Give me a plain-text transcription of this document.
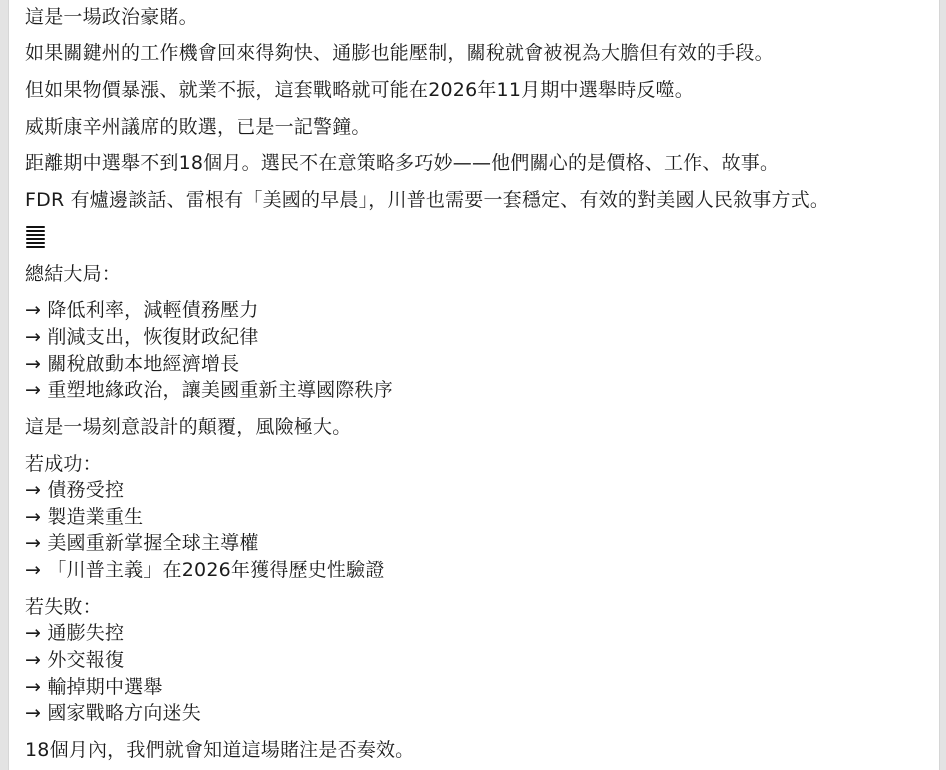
這是一場政治豪賭。
如果關鍵州的工作機會回來得夠快、通膨也能壓制，關稅就會被視為大膽但有效的手段。
但如果物價暴漲、就業不振，這套戰略就可能在2026年11月期中選舉時反噬。
威斯康辛州議席的敗選，已是一記警鐘。
距離期中選舉不到18個月。選民不在意策略多巧妙——他們關心的是價格、工作、故事。
FDR 有爐邊談話、雷根有「美國的早晨」，川普也需要一套穩定、有效的對美國人民敘事方式。
總結大局：
→ 降低利率，減輕債務壓力
→ 削減支出，恢復財政紀律
→ 關稅啟動本地經濟增長
→ 重塑地緣政治，讓美國重新主導國際秩序
這是一場刻意設計的顛覆，風險極大。
若成功：
→ 債務受控
→ 製造業重生
→ 美國重新掌握全球主導權
→ 「川普主義」在2026年獲得歷史性驗證
若失敗：
→ 通膨失控
→ 外交報復
→ 輸掉期中選舉
→ 國家戰略方向迷失
18個月內，我們就會知道這場賭注是否奏效。
